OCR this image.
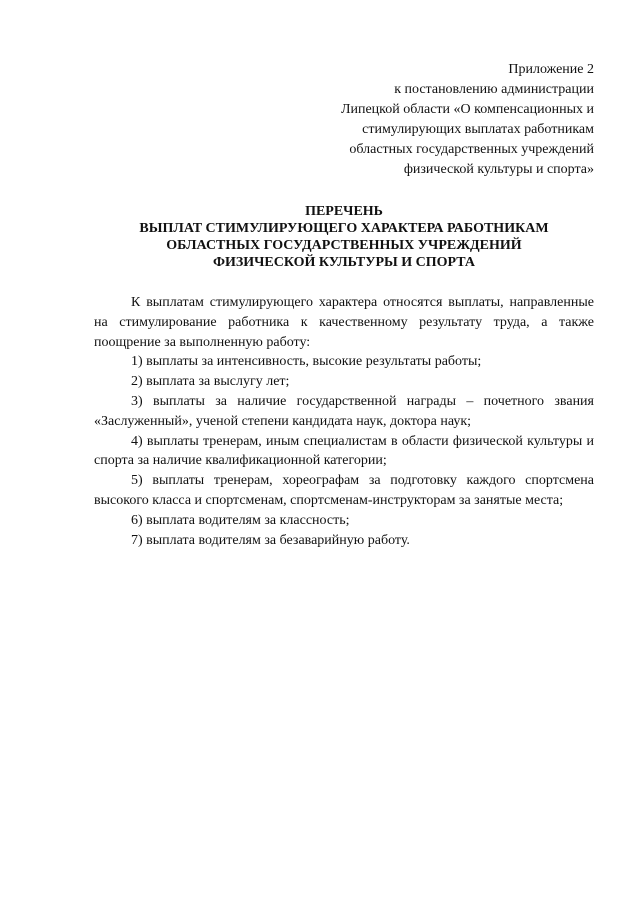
Приложение 2
к постановлению администрации
Липецкой области «О компенсационных и
стимулирующих выплатах работникам
областных государственных учреждений
физической культуры и спорта»
ПЕРЕЧЕНЬ
ВЫПЛАТ СТИМУЛИРУЮЩЕГО ХАРАКТЕРА РАБОТНИКАМ
ОБЛАСТНЫХ ГОСУДАРСТВЕННЫХ УЧРЕЖДЕНИЙ
ФИЗИЧЕСКОЙ КУЛЬТУРЫ И СПОРТА

К выплатам стимулирующего характера относятся выплаты, направленные на стимулирование работника к качественному результату труда, а также поощрение за выполненную работу:

1) выплаты за интенсивность, высокие результаты работы;

2) выплата за выслугу лет;

3) выплаты за наличие государственной награды – почетного звания «Заслуженный», ученой степени кандидата наук, доктора наук;

4) выплаты тренерам, иным специалистам в области физической культуры и спорта за наличие квалификационной категории;

5) выплаты тренерам, хореографам за подготовку каждого спортсмена высокого класса и спортсменам, спортсменам-инструкторам за занятые места;

6) выплата водителям за классность;

7) выплата водителям за безаварийную работу.
